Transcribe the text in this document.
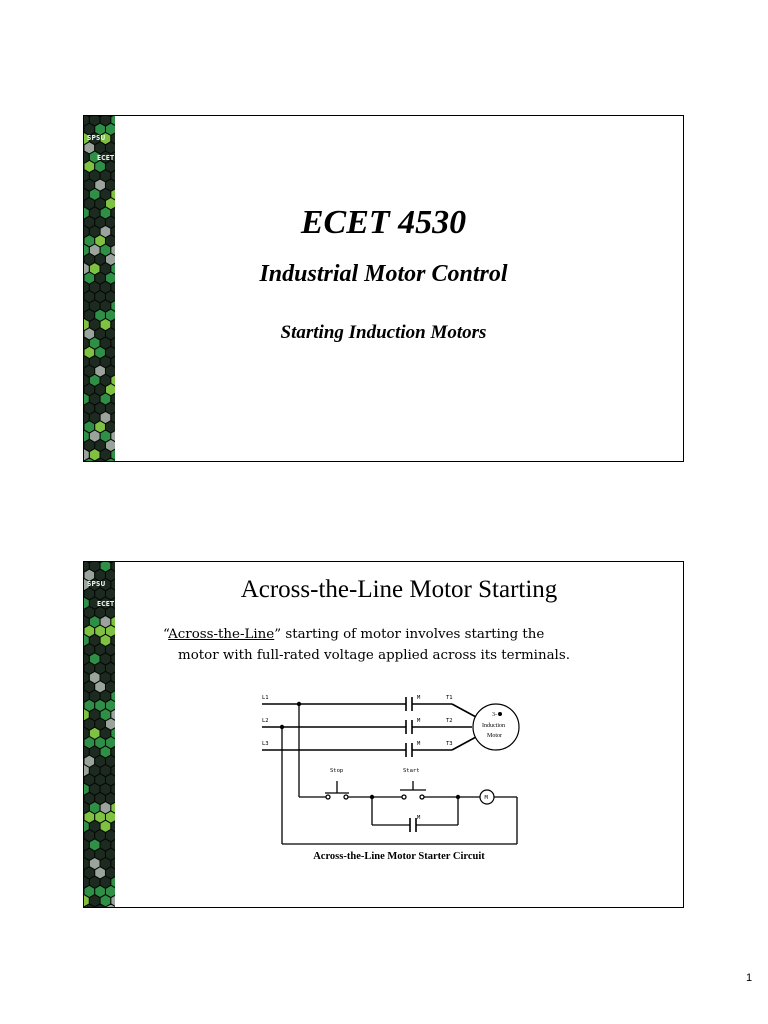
SPSU
ECET
ECET 4530
Industrial Motor Control
Starting Induction Motors
SPSU
ECET
Across-the-Line Motor Starting
“Across-the-Line” starting of motor involves starting the
motor with full-rated voltage applied across its terminals.
3-
Induction
Motor
M
L1
L2
L3
T1
T2
T3
M
M
M
M
Stop	Start
Across-the-Line Motor Starter Circuit
1
